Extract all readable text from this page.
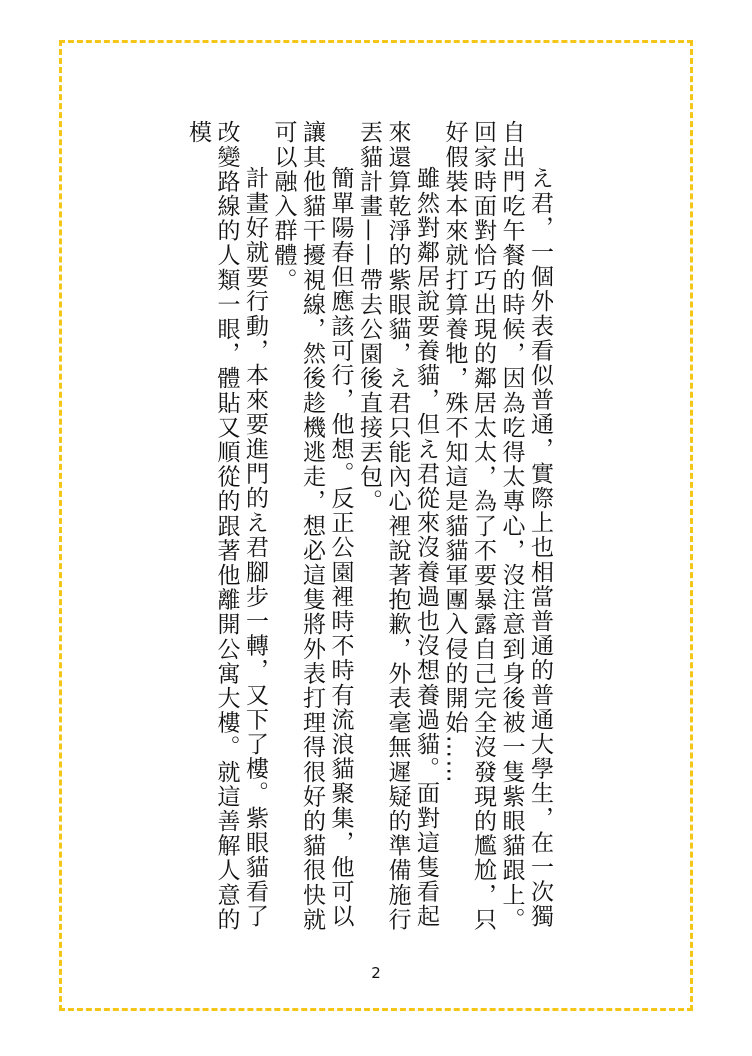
え君，一個外表看似普通，實際上也相當普通的普通大學生，在一次獨自出門吃午餐的時候，因為吃得太專心，沒注意到身後被一隻紫眼貓跟上。回家時面對恰巧出現的鄰居太太，為了不要暴露自己完全沒發現的尷尬，只好假裝本來就打算養牠，殊不知這是貓貓軍團入侵的開始……

雖然對鄰居說要養貓，但え君從來沒養過也沒想養過貓。面對這隻看起來還算乾淨的紫眼貓，え君只能內心裡說著抱歉，外表毫無遲疑的準備施行丟貓計畫——帶去公園後直接丟包。

簡單陽春但應該可行，他想。反正公園裡時不時有流浪貓聚集，他可以讓其他貓干擾視線，然後趁機逃走，想必這隻將外表打理得很好的貓很快就可以融入群體。

計畫好就要行動，本來要進門的え君腳步一轉，又下了樓。紫眼貓看了改變路線的人類一眼，體貼又順從的跟著他離開公寓大樓。就這善解人意的模

2
